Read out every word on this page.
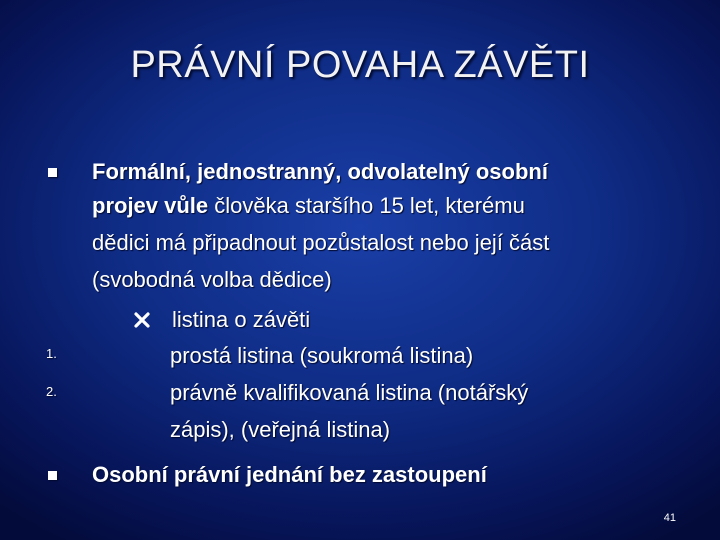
PRÁVNÍ POVAHA ZÁVĚTI
Formální, jednostranný, odvolatelný osobní
projev vůle člověka staršího 15 let, kterému
dědici má připadnout pozůstalost nebo její část
(svobodná volba dědice)
listina o závěti
1.	prostá listina (soukromá listina)
2.	právně kvalifikovaná listina (notářský
zápis), (veřejná listina)
Osobní právní jednání bez zastoupení
41
